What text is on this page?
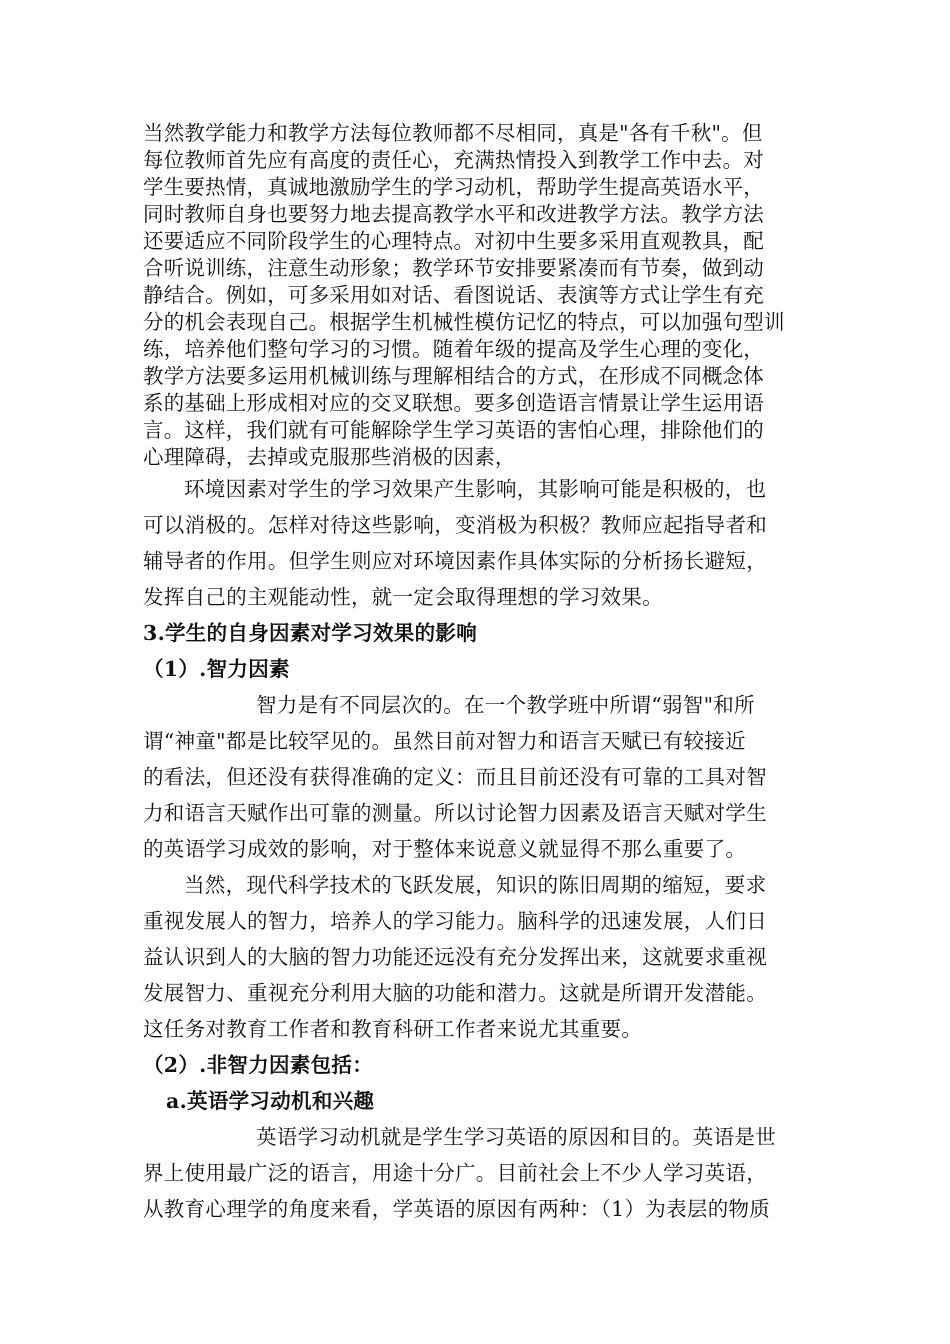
当然教学能力和教学方法每位教师都不尽相同，真是"各有千秋"。但
每位教师首先应有高度的责任心，充满热情投入到教学工作中去。对
学生要热情，真诚地激励学生的学习动机，帮助学生提高英语水平，
同时教师自身也要努力地去提高教学水平和改进教学方法。教学方法
还要适应不同阶段学生的心理特点。对初中生要多采用直观教具，配
合听说训练，注意生动形象；教学环节安排要紧凑而有节奏，做到动
静结合。例如，可多采用如对话、看图说话、表演等方式让学生有充
分的机会表现自己。根据学生机械性模仿记忆的特点，可以加强句型训
练，培养他们整句学习的习惯。随着年级的提高及学生心理的变化，
教学方法要多运用机械训练与理解相结合的方式，在形成不同概念体
系的基础上形成相对应的交叉联想。要多创造语言情景让学生运用语
言。这样，我们就有可能解除学生学习英语的害怕心理，排除他们的
心理障碍，去掉或克服那些消极的因素，
环境因素对学生的学习效果产生影响，其影响可能是积极的，也
可以消极的。怎样对待这些影响，变消极为积极？教师应起指导者和
辅导者的作用。但学生则应对环境因素作具体实际的分析扬长避短，
发挥自己的主观能动性，就一定会取得理想的学习效果。
3.学生的自身因素对学习效果的影响
（1）.智力因素
智力是有不同层次的。在一个教学班中所谓“弱智"和所
谓“神童"都是比较罕见的。虽然目前对智力和语言天赋已有较接近
的看法，但还没有获得准确的定义：而且目前还没有可靠的工具对智
力和语言天赋作出可靠的测量。所以讨论智力因素及语言天赋对学生
的英语学习成效的影响，对于整体来说意义就显得不那么重要了。
当然，现代科学技术的飞跃发展，知识的陈旧周期的缩短，要求
重视发展人的智力，培养人的学习能力。脑科学的迅速发展，人们日
益认识到人的大脑的智力功能还远没有充分发挥出来，这就要求重视
发展智力、重视充分利用大脑的功能和潜力。这就是所谓开发潜能。
这任务对教育工作者和教育科研工作者来说尤其重要。
（2）.非智力因素包括：
a.英语学习动机和兴趣
英语学习动机就是学生学习英语的原因和目的。英语是世
界上使用最广泛的语言，用途十分广。目前社会上不少人学习英语，
从教育心理学的角度来看，学英语的原因有两种：（1）为表层的物质
